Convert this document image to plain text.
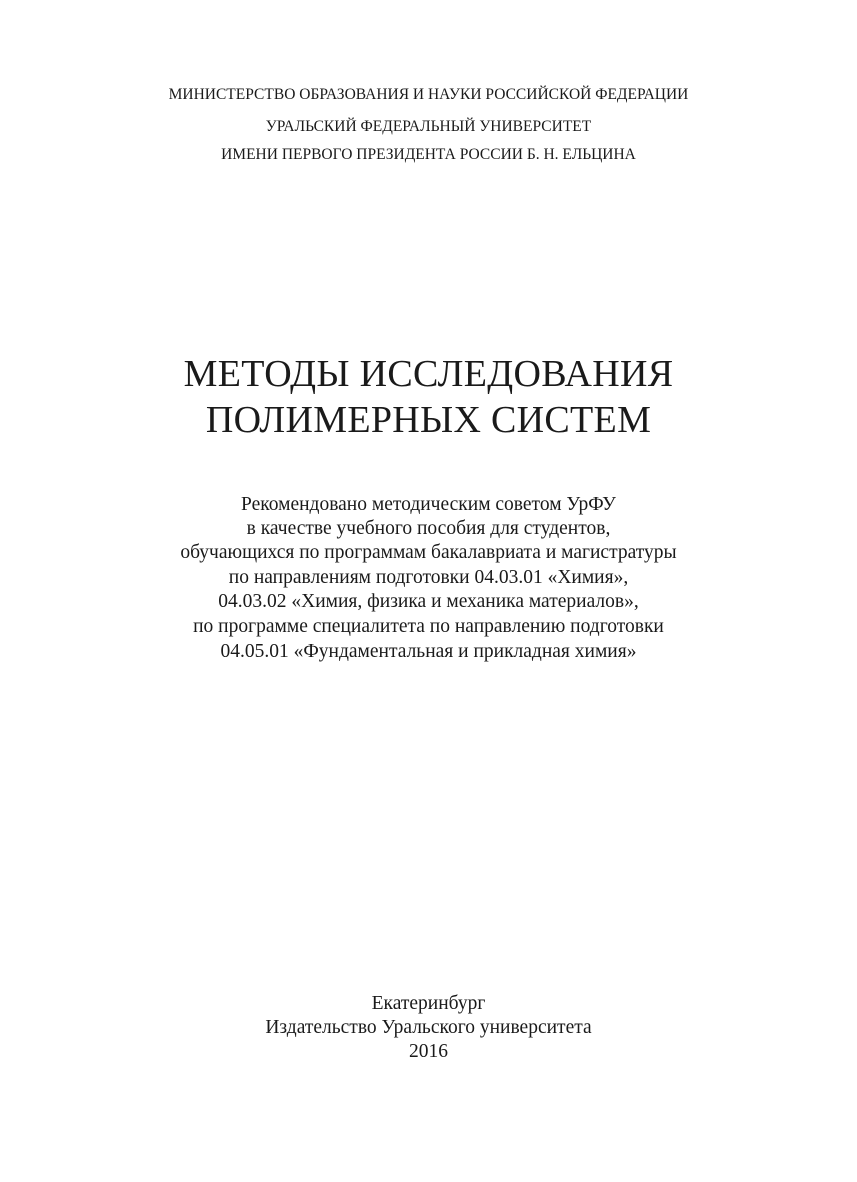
МИНИСТЕРСТВО ОБРАЗОВАНИЯ И НАУКИ РОССИЙСКОЙ ФЕДЕРАЦИИ
УРАЛЬСКИЙ ФЕДЕРАЛЬНЫЙ УНИВЕРСИТЕТ
ИМЕНИ ПЕРВОГО ПРЕЗИДЕНТА РОССИИ Б. Н. ЕЛЬЦИНА
МЕТОДЫ ИССЛЕДОВАНИЯ
ПОЛИМЕРНЫХ СИСТЕМ
Рекомендовано методическим советом УрФУ
в качестве учебного пособия для студентов,
обучающихся по программам бакалавриата и магистратуры
по направлениям подготовки 04.03.01 «Химия»,
04.03.02 «Химия, физика и механика материалов»,
по программе специалитета по направлению подготовки
04.05.01 «Фундаментальная и прикладная химия»
Екатеринбург
Издательство Уральского университета
2016
